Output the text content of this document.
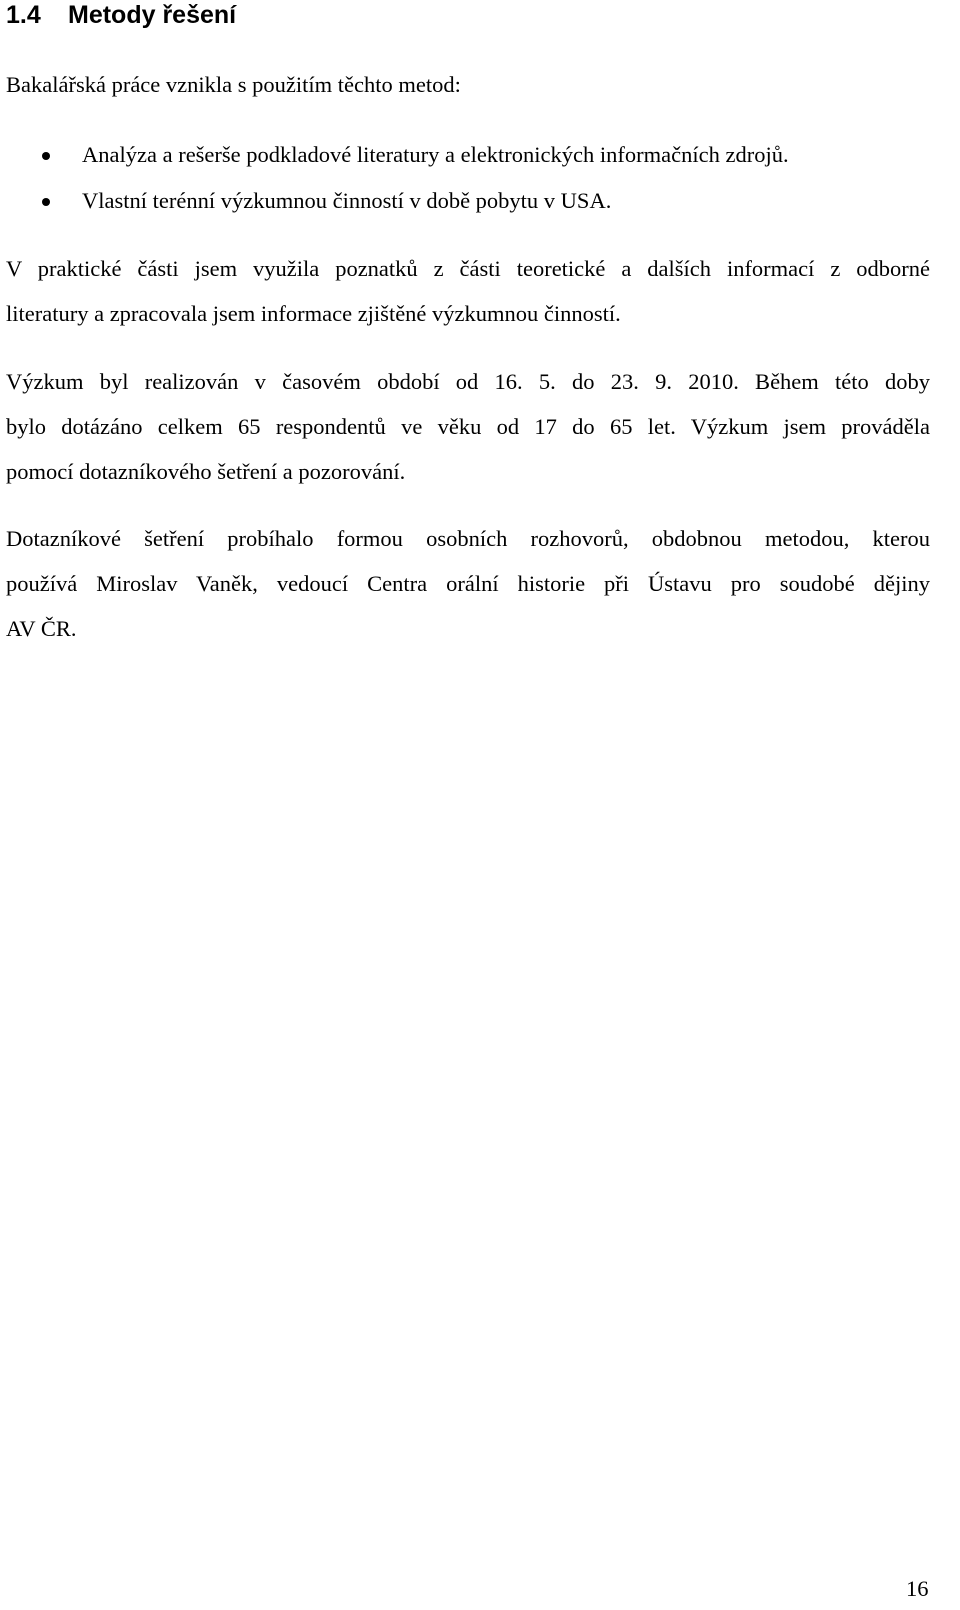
1.4 Metody řešení
Bakalářská práce vznikla s použitím těchto metod:
Analýza a rešerše podkladové literatury a elektronických informačních zdrojů.
Vlastní terénní výzkumnou činností v době pobytu v USA.
V praktické části jsem využila poznatků z části teoretické a dalších informací z odborné
literatury a zpracovala jsem informace zjištěné výzkumnou činností.
Výzkum byl realizován v časovém období od 16. 5. do 23. 9. 2010. Během této doby
bylo dotázáno celkem 65 respondentů ve věku od 17 do 65 let. Výzkum jsem prováděla
pomocí dotazníkového šetření a pozorování.
Dotazníkové šetření probíhalo formou osobních rozhovorů, obdobnou metodou, kterou
používá Miroslav Vaněk, vedoucí Centra orální historie při Ústavu pro soudobé dějiny
AV ČR.
16
